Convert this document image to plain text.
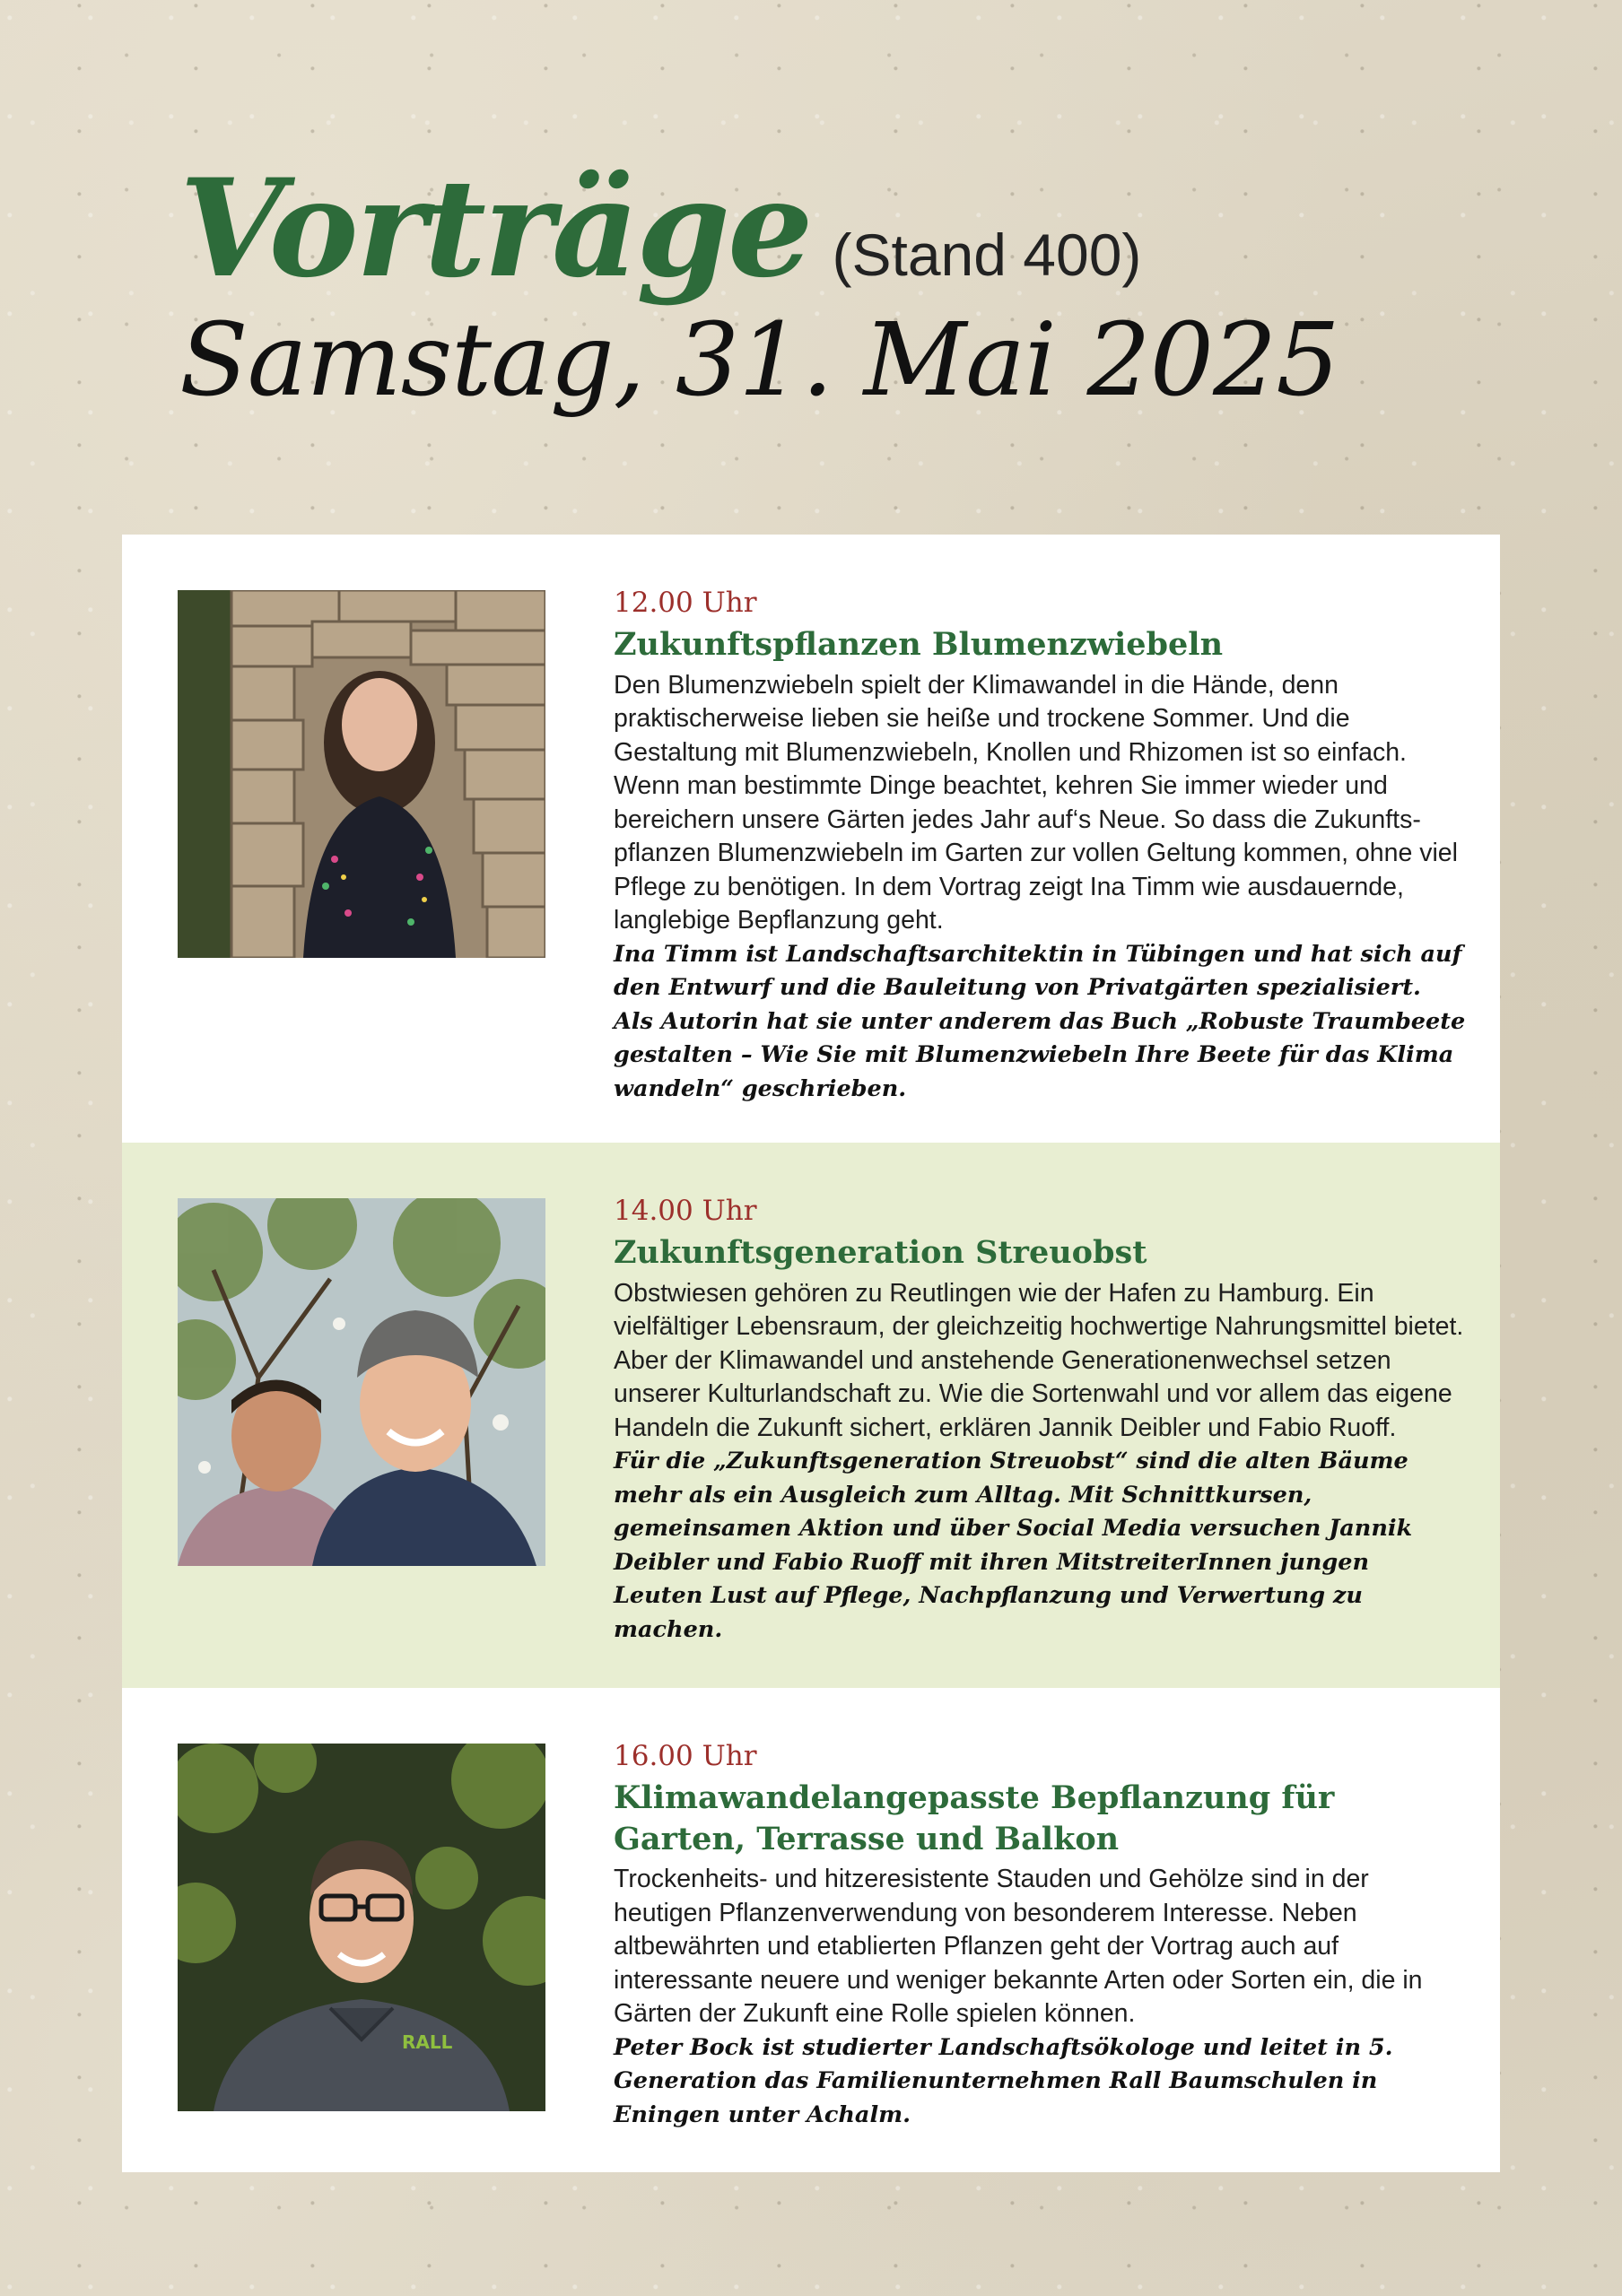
Vorträge (Stand 400)
Samstag, 31. Mai 2025
12.00 Uhr
Zukunftspflanzen Blumenzwiebeln

Den Blumenzwiebeln spielt der Klimawandel in die Hände, denn praktischerweise lieben sie heiße und trockene Sommer. Und die Gestaltung mit Blumenzwiebeln, Knollen und Rhizomen ist so einfach. Wenn man bestimmte Dinge beachtet, kehren Sie immer wieder und bereichern unsere Gärten jedes Jahr auf‘s Neue. So dass die Zukunfts- pflanzen Blumenzwiebeln im Garten zur vollen Geltung kommen, ohne viel Pflege zu benötigen. In dem Vortrag zeigt Ina Timm wie ausdauernde, langlebige Bepflanzung geht.

Ina Timm ist Landschaftsarchitektin in Tübingen und hat sich auf den Entwurf und die Bauleitung von Privatgärten spezialisiert. Als Autorin hat sie unter anderem das Buch „Robuste Traumbeete gestalten – Wie Sie mit Blumenzwiebeln Ihre Beete für das Klima wandeln“ geschrieben.

14.00 Uhr
Zukunftsgeneration Streuobst

Obstwiesen gehören zu Reutlingen wie der Hafen zu Hamburg. Ein vielfältiger Lebensraum, der gleichzeitig hochwertige Nahrungsmittel bietet. Aber der Klimawandel und anstehende Generationenwechsel setzen unserer Kulturlandschaft zu. Wie die Sortenwahl und vor allem das eigene Handeln die Zukunft sichert, erklären Jannik Deibler und Fabio Ruoff.

Für die „Zukunftsgeneration Streuobst“ sind die alten Bäume mehr als ein Ausgleich zum Alltag. Mit Schnittkursen, gemeinsamen Aktion und über Social Media versuchen Jannik Deibler und Fabio Ruoff mit ihren MitstreiterInnen jungen Leuten Lust auf Pflege, Nachpflanzung und Verwertung zu machen.

RALL
16.00 Uhr
Klimawandelangepasste Bepflanzung für Garten, Terrasse und Balkon

Trockenheits- und hitzeresistente Stauden und Gehölze sind in der heutigen Pflanzenverwendung von besonderem Interesse. Neben altbewährten und etablierten Pflanzen geht der Vortrag auch auf interessante neuere und weniger bekannte Arten oder Sorten ein, die in Gärten der Zukunft eine Rolle spielen können.

Peter Bock ist studierter Landschaftsökologe und leitet in 5. Generation das Familienunternehmen Rall Baumschulen in Eningen unter Achalm.
